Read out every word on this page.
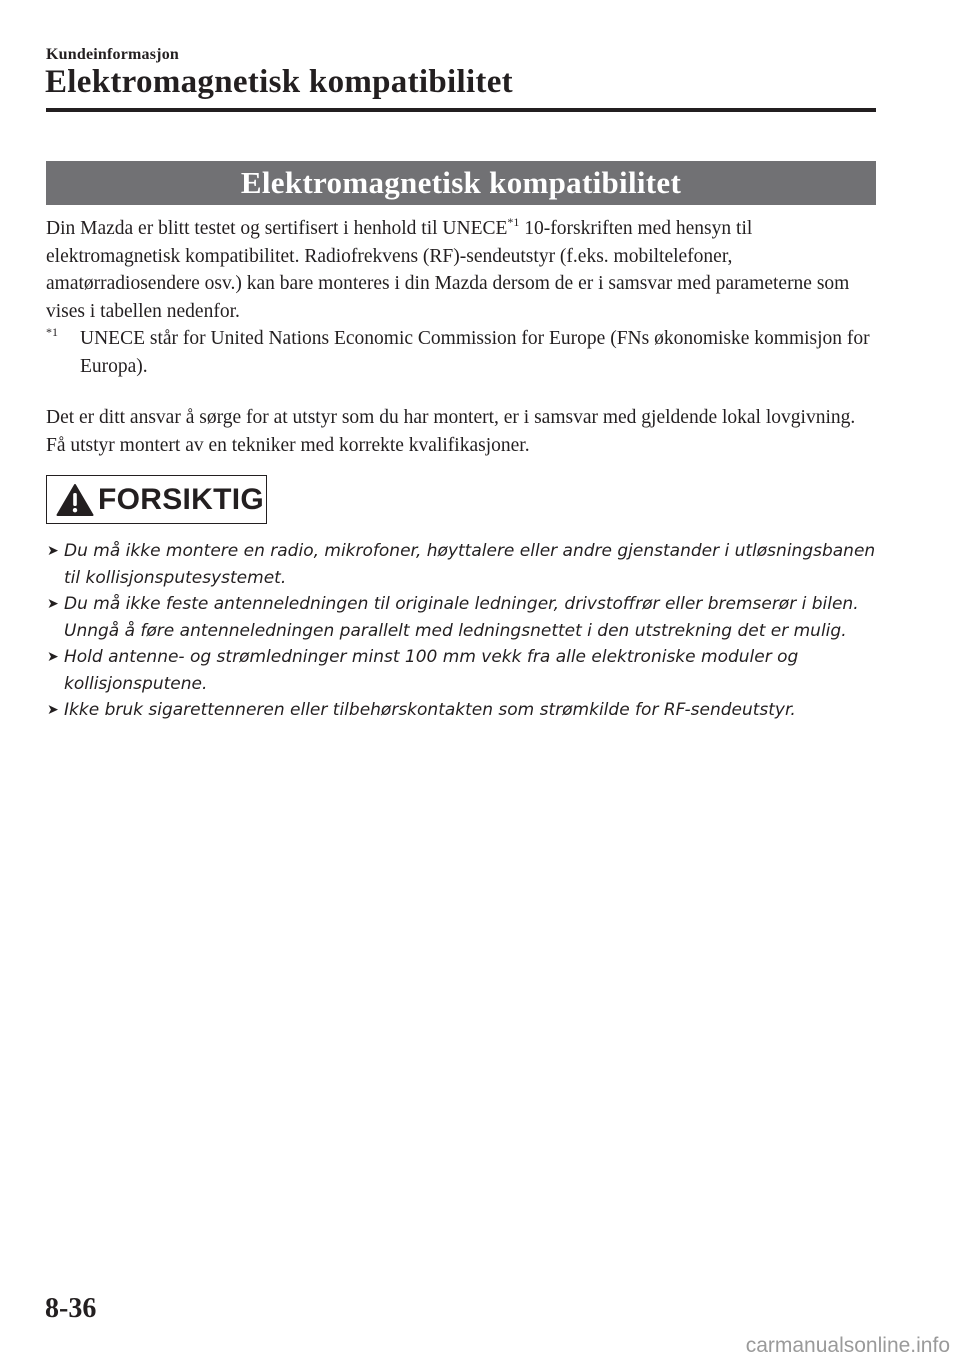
Kundeinformasjon
Elektromagnetisk kompatibilitet
Elektromagnetisk kompatibilitet

Din Mazda er blitt testet og sertifisert i henhold til UNECE$^{*1}$ 10-forskriften med hensyn til elektromagnetisk kompatibilitet. Radiofrekvens (RF)-sendeutstyr (f.eks. mobiltelefoner, amatørradiosendere osv.) kan bare monteres i din Mazda dersom de er i samsvar med parameterne som vises i tabellen nedenfor.

$^{*1}$	UNECE står for United Nations Economic Commission for Europe (FNs økonomiske kommisjon for Europa).

Det er ditt ansvar å sørge for at utstyr som du har montert, er i samsvar med gjeldende lokal lovgivning. Få utstyr montert av en tekniker med korrekte kvalifikasjoner.

FORSIKTIG
➤ Du må ikke montere en radio, mikrofoner, høyttalere eller andre gjenstander i utløsningsbanen til kollisjonsputesystemet.
➤ Du må ikke feste antenneledningen til originale ledninger, drivstoffrør eller bremserør i bilen. Unngå å føre antenneledningen parallelt med ledningsnettet i den utstrekning det er mulig.
➤ Hold antenne- og strømledninger minst 100 mm vekk fra alle elektroniske moduler og kollisjonsputene.
➤ Ikke bruk sigarettenneren eller tilbehørskontakten som strømkilde for RF-sendeutstyr.
8-36
carmanualsonline.info
